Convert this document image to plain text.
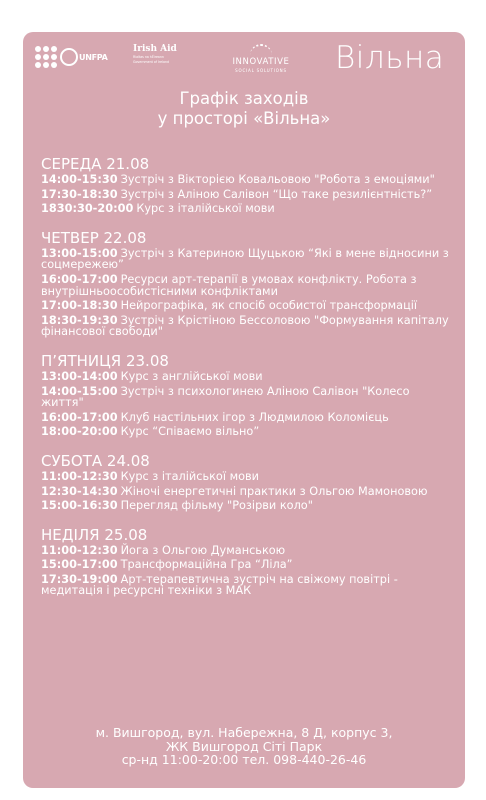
UNFPA
Irish Aid
Rialtas na hÉireann
Government of Ireland	INNOVATIVE
SOCIAL SOLUTIONS	Вільна
Графік заходів
у просторі «Вільна»
СЕРЕДА 21.08
14:00-15:30 Зустріч з Вікторією Ковальовою "Робота з емоціями"
17:30-18:30 Зустріч з Аліною Салівон “Що таке резилієнтність?”
1830:30-20:00 Курс з італійської мови
ЧЕТВЕР 22.08
13:00-15:00 Зустріч з Катериною Щуцькою “Які в мене відносини з соцмережею”
16:00-17:00 Ресурси арт-терапії в умовах конфлікту. Робота з внутрішньоособистісними конфліктами
17:00-18:30 Нейрографіка, як спосіб особистої трансформації
18:30-19:30 Зустріч з Крістіною Бессоловою "Формування капіталу фінансової свободи"
П’ЯТНИЦЯ 23.08
13:00-14:00 Курс з англійської мови
14:00-15:00 Зустріч з психологинею Аліною Салівон "Колесо життя"
16:00-17:00 Клуб настільних ігор з Людмилою Коломієць
18:00-20:00 Курс “Співаємо вільно”
СУБОТА 24.08
11:00-12:30 Курс з італійської мови
12:30-14:30 Жіночі енергетичні практики з Ольгою Мамоновою
15:00-16:30 Перегляд фільму "Розірви коло"
НЕДІЛЯ 25.08
11:00-12:30 Йога з Ольгою Думанською
15:00-17:00 Трансформаційна Гра “Ліла”
17:30-19:00 Арт-терапевтична зустріч на свіжому повітрі - медитація і ресурсні техніки з МАК
м. Вишгород, вул. Набережна, 8 Д, корпус 3,
ЖК Вишгород Сіті Парк
ср-нд 11:00-20:00 тел. 098-440-26-46
